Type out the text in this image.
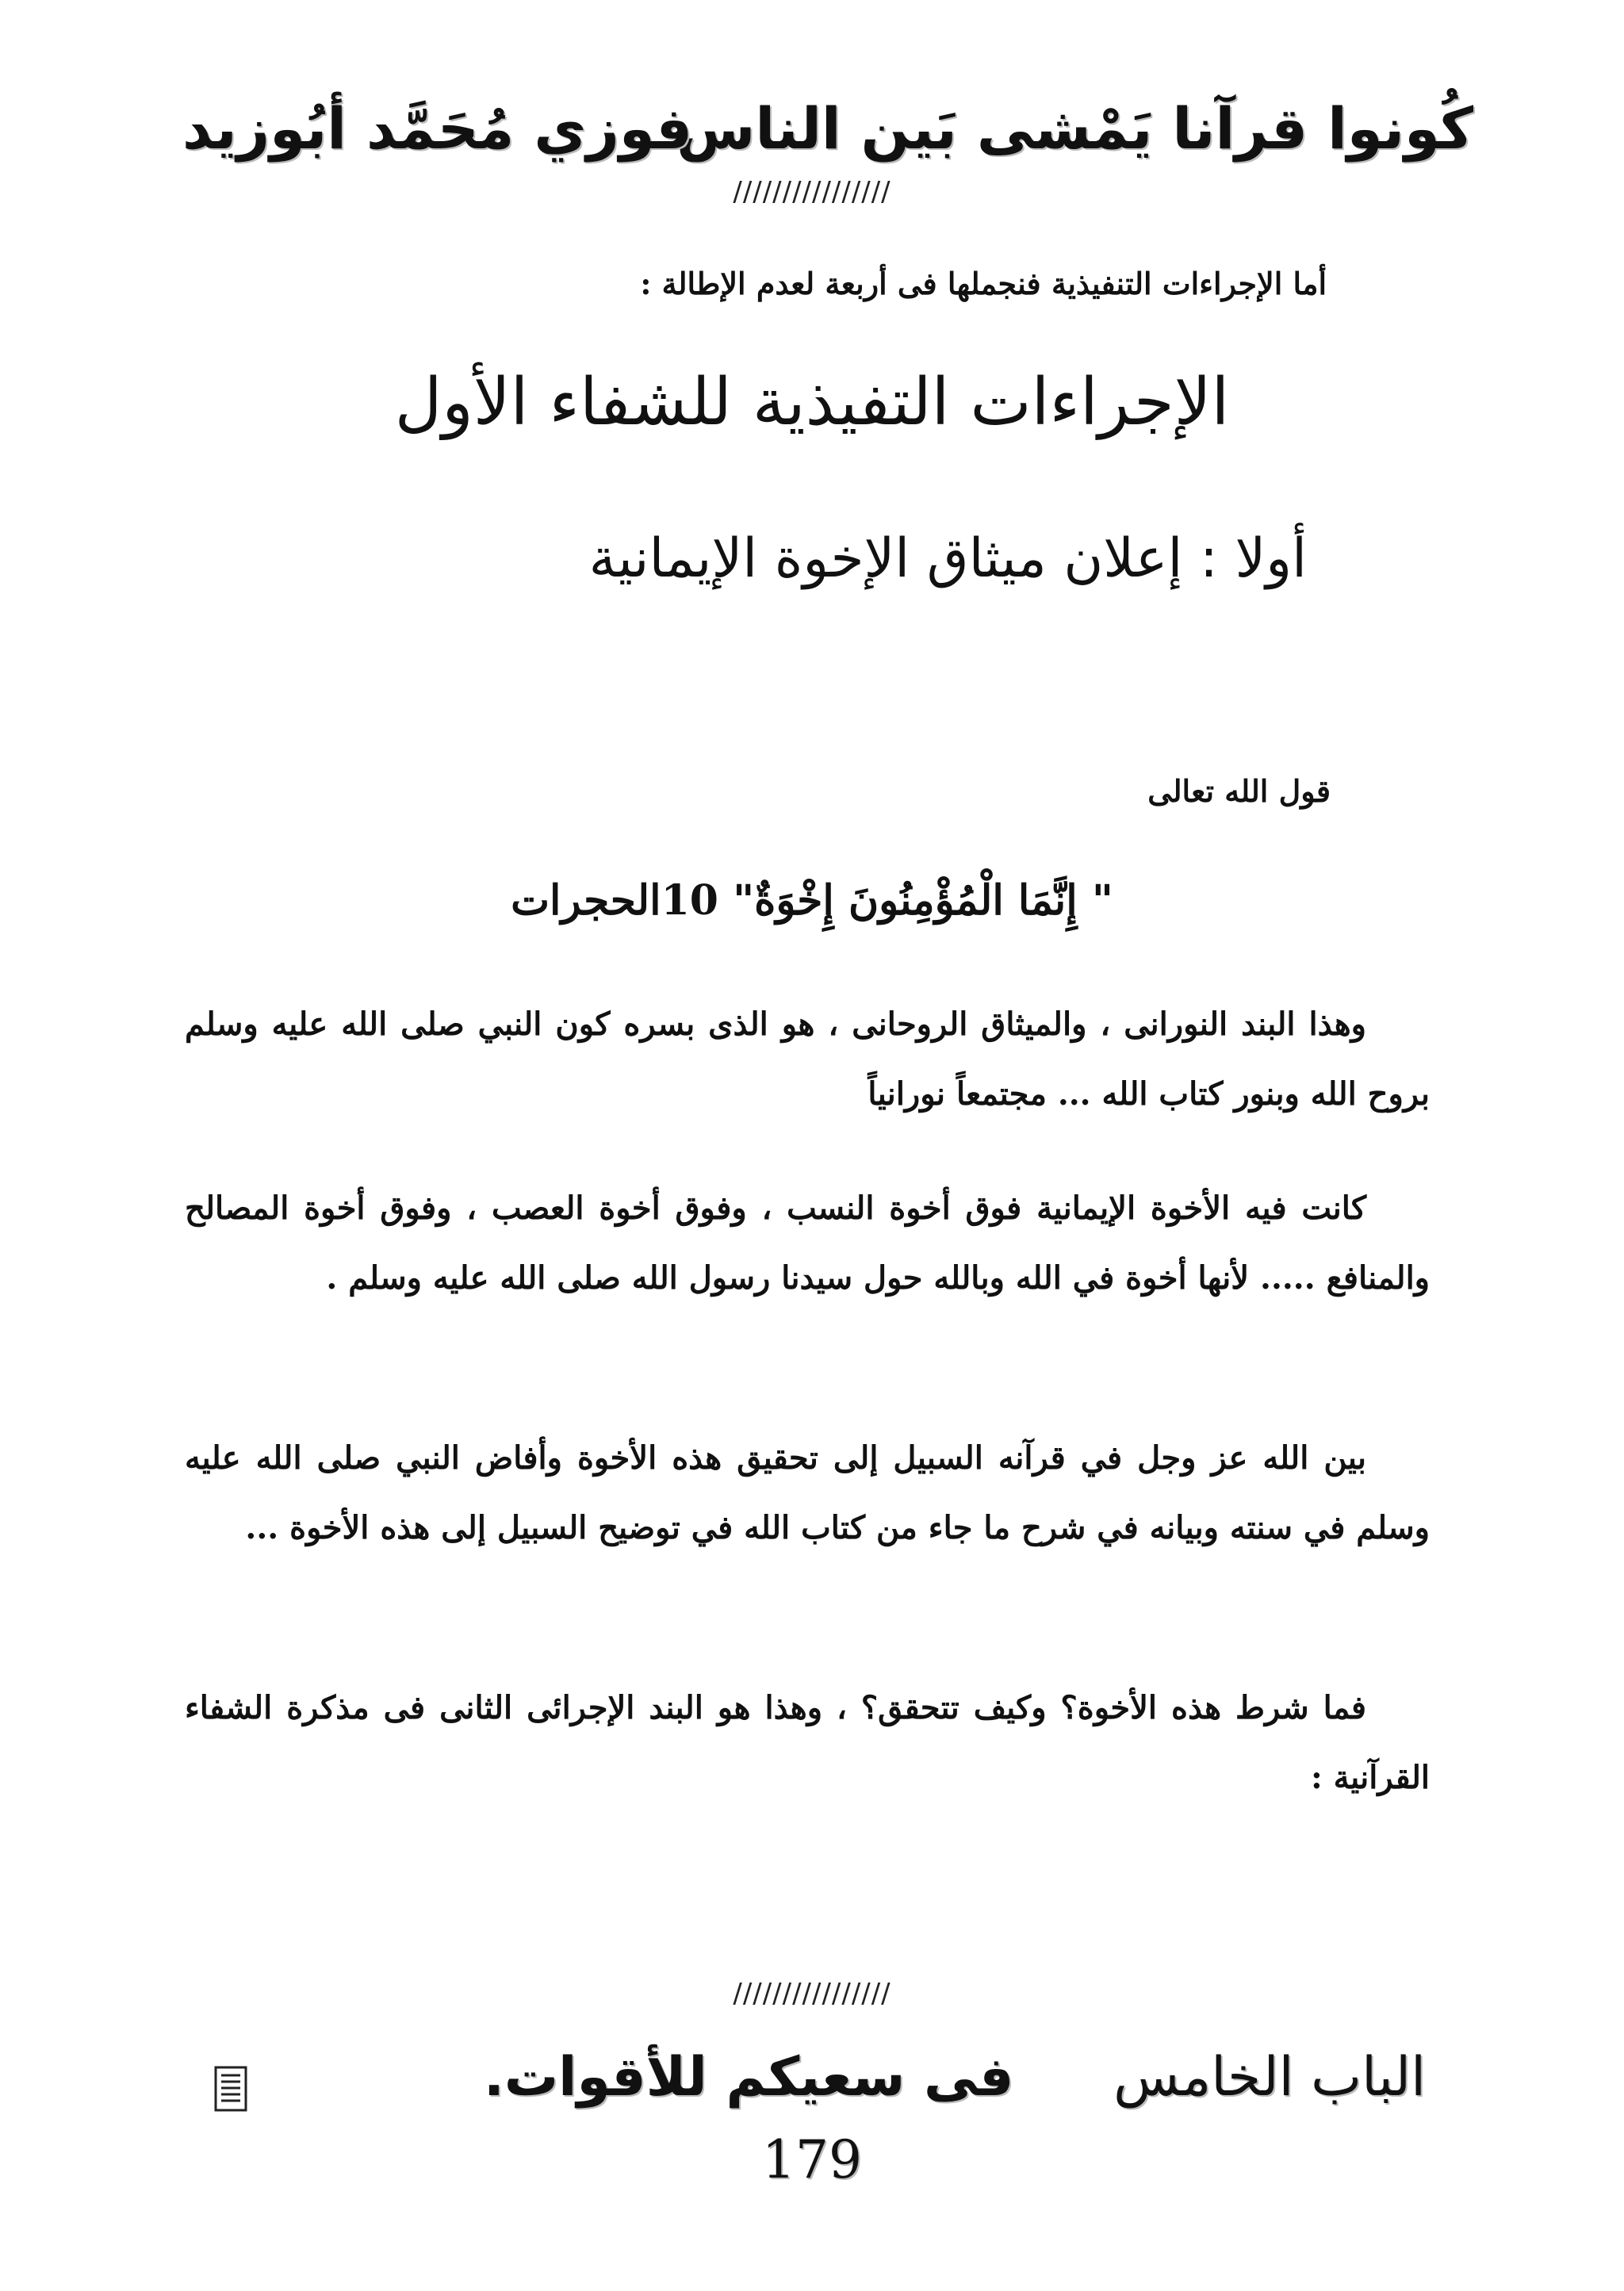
كُونوا قرآنا يَمْشى بَين الناس
فوزي مُحَمَّد أبُوزيد
////////////////
أما الإجراءات التنفيذية فنجملها فى أربعة لعدم الإطالة :
الإجراءات التفيذية للشفاء الأول
أولا : إعلان ميثاق الإخوة الإيمانية
قول الله تعالى
" إِنَّمَا الْمُؤْمِنُونَ إِخْوَةٌ" 10الحجرات
وهذا البند النورانى ، والميثاق الروحانى ، هو الذى بسره كون النبي صلى الله عليه وسلم بروح الله وبنور كتاب الله ... مجتمعاً نورانياً
كانت فيه الأخوة الإيمانية فوق أخوة النسب ، وفوق أخوة العصب ، وفوق أخوة المصالح والمنافع ..... لأنها أخوة في الله وبالله حول سيدنا رسول الله صلى الله عليه وسلم .
بين الله عز وجل في قرآنه السبيل إلى تحقيق هذه الأخوة وأفاض النبي صلى الله عليه وسلم في سنته وبيانه في شرح ما جاء من كتاب الله في توضيح السبيل إلى هذه الأخوة ...
فما شرط هذه الأخوة؟ وكيف تتحقق؟ ، وهذا هو البند الإجرائى الثانى فى مذكرة الشفاء القرآنية :
////////////////
الباب الخامس
فى سعيكم للأقوات.
179
